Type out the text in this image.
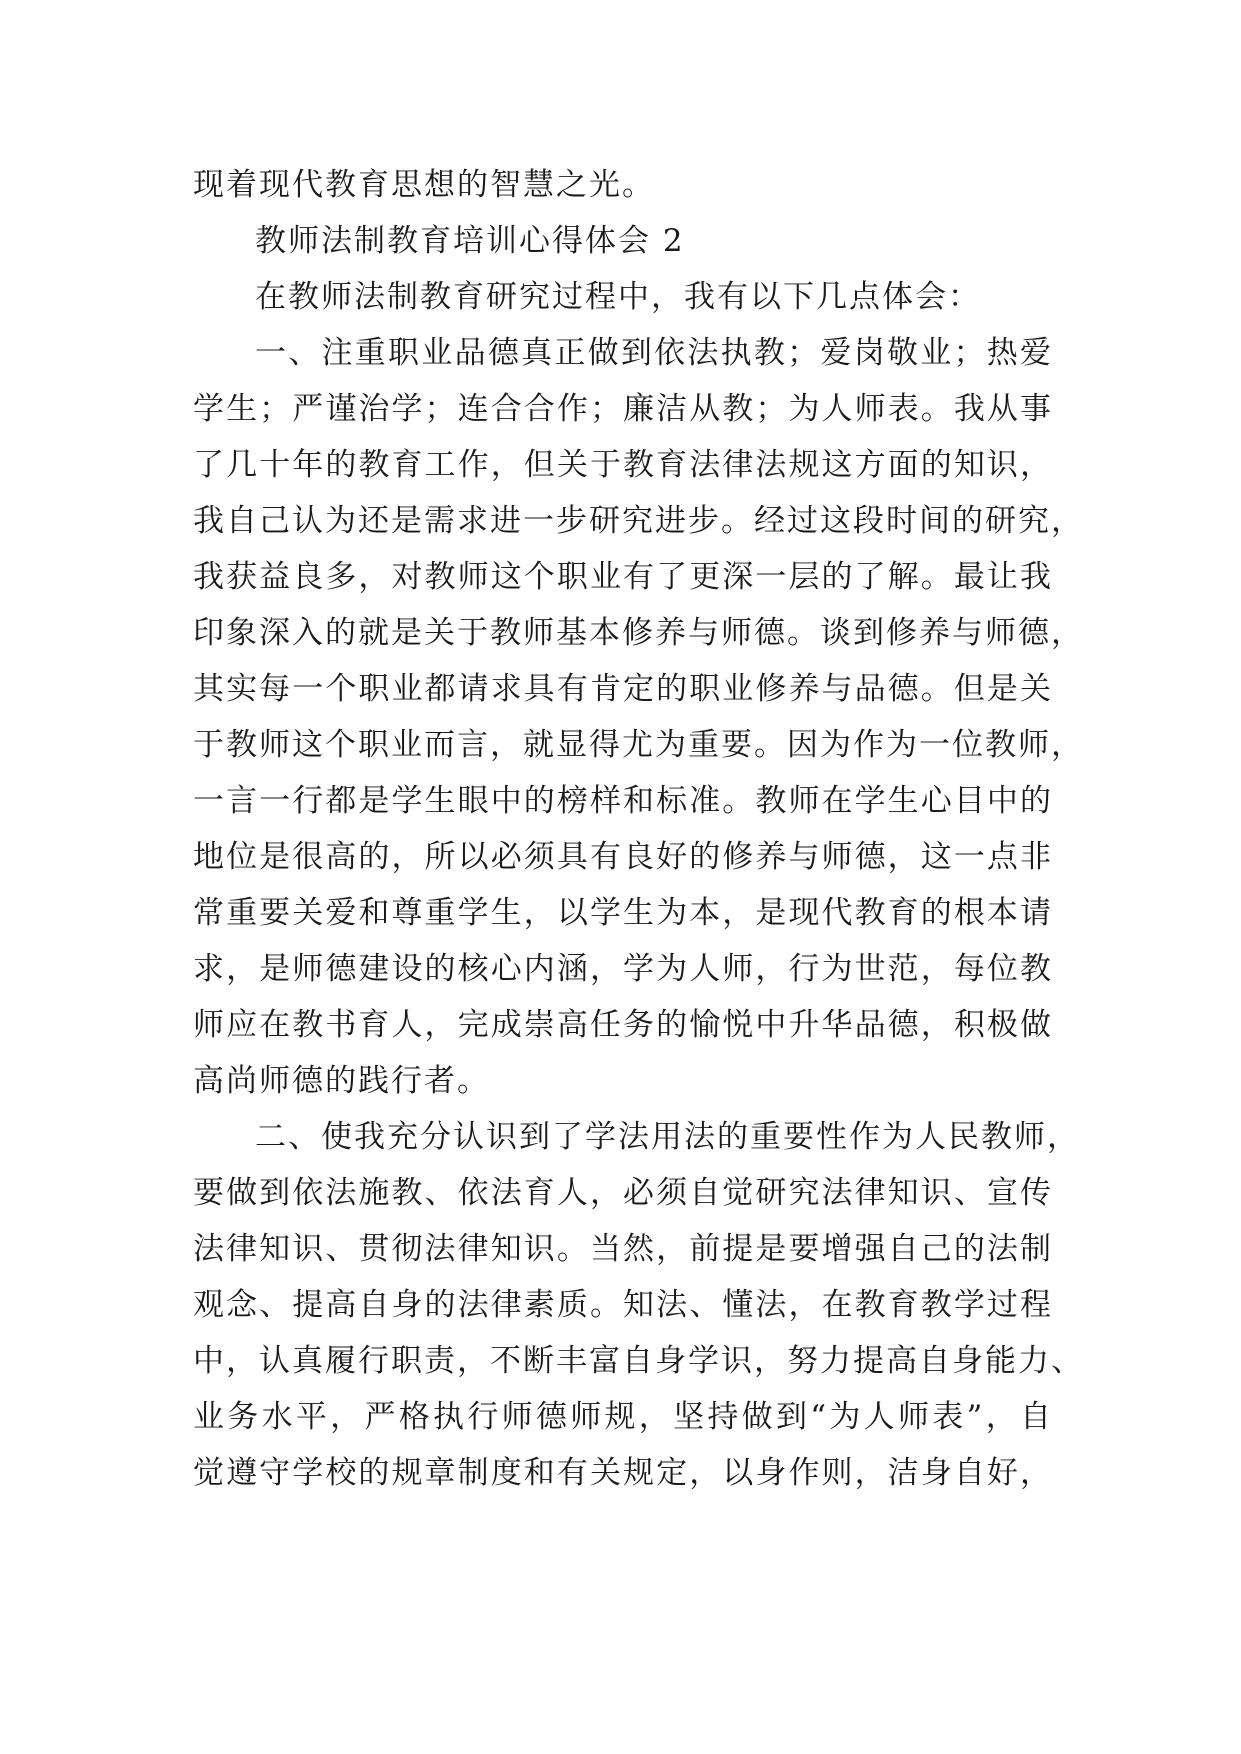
现着现代教育思想的智慧之光。
教师法制教育培训心得体会 2
在教师法制教育研究过程中，我有以下几点体会：
一、注重职业品德真正做到依法执教；爱岗敬业；热爱
学生；严谨治学；连合合作；廉洁从教；为人师表。我从事
了几十年的教育工作，但关于教育法律法规这方面的知识，
我自己认为还是需求进一步研究进步。经过这段时间的研究，
我获益良多，对教师这个职业有了更深一层的了解。最让我
印象深入的就是关于教师基本修养与师德。谈到修养与师德，
其实每一个职业都请求具有肯定的职业修养与品德。但是关
于教师这个职业而言，就显得尤为重要。因为作为一位教师，
一言一行都是学生眼中的榜样和标准。教师在学生心目中的
地位是很高的，所以必须具有良好的修养与师德，这一点非
常重要关爱和尊重学生，以学生为本，是现代教育的根本请
求，是师德建设的核心内涵，学为人师，行为世范，每位教
师应在教书育人，完成崇高任务的愉悦中升华品德，积极做
高尚师德的践行者。
二、使我充分认识到了学法用法的重要性作为人民教师，
要做到依法施教、依法育人，必须自觉研究法律知识、宣传
法律知识、贯彻法律知识。当然，前提是要增强自己的法制
观念、提高自身的法律素质。知法、懂法，在教育教学过程
中，认真履行职责，不断丰富自身学识，努力提高自身能力、
业务水平，严格执行师德师规，坚持做到“为人师表”，自
觉遵守学校的规章制度和有关规定，以身作则，洁身自好，
